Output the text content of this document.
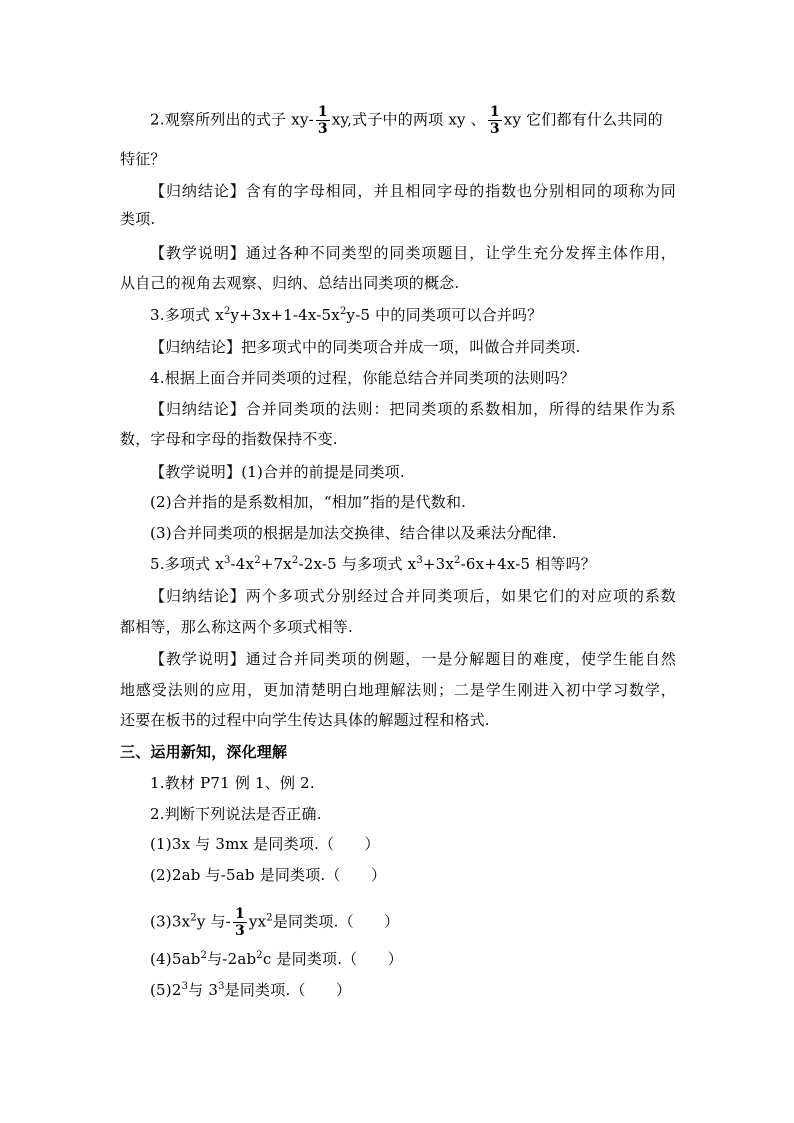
2.观察所列出的式子 $xy- \frac{1}{3}$ xy,式子中的两项 xy 、 $\frac{1}{3}$ xy 它们都有什么共同的
特征？
【归纳结论】含有的字母相同，并且相同字母的指数也分别相同的项称为同
类项.
【教学说明】通过各种不同类型的同类项题目，让学生充分发挥主体作用，
从自己的视角去观察、归纳、总结出同类项的概念.
3.多项式 $x^2y+3x+1-4x-5x^2y-5$ 中的同类项可以合并吗？
【归纳结论】把多项式中的同类项合并成一项，叫做合并同类项.
4.根据上面合并同类项的过程，你能总结合并同类项的法则吗？
【归纳结论】合并同类项的法则：把同类项的系数相加，所得的结果作为系
数，字母和字母的指数保持不变.
【教学说明】(1)合并的前提是同类项.
(2)合并指的是系数相加，“相加”指的是代数和.
(3)合并同类项的根据是加法交换律、结合律以及乘法分配律.
5.多项式 $x^3-4x^2+7x^2-2x-5$ 与多项式 $x^3+3x^2-6x+4x-5$ 相等吗？
【归纳结论】两个多项式分别经过合并同类项后，如果它们的对应项的系数
都相等，那么称这两个多项式相等.
【教学说明】通过合并同类项的例题，一是分解题目的难度，使学生能自然
地感受法则的应用，更加清楚明白地理解法则；二是学生刚进入初中学习数学，
还要在板书的过程中向学生传达具体的解题过程和格式.
三、运用新知，深化理解
1.教材 P71 例 1、例 2.
2.判断下列说法是否正确.
(1)3x 与 3mx 是同类项.（　　）
(2)2ab 与-5ab 是同类项.（　　）
$(3)3x^2y$ 与- $\frac{1}{3} yx^2$是同类项.（　　）
$(4)5ab^2$与$-2ab^2c$ 是同类项.（　　）
$(5)2^3$与 $3^3$是同类项.（　　）
